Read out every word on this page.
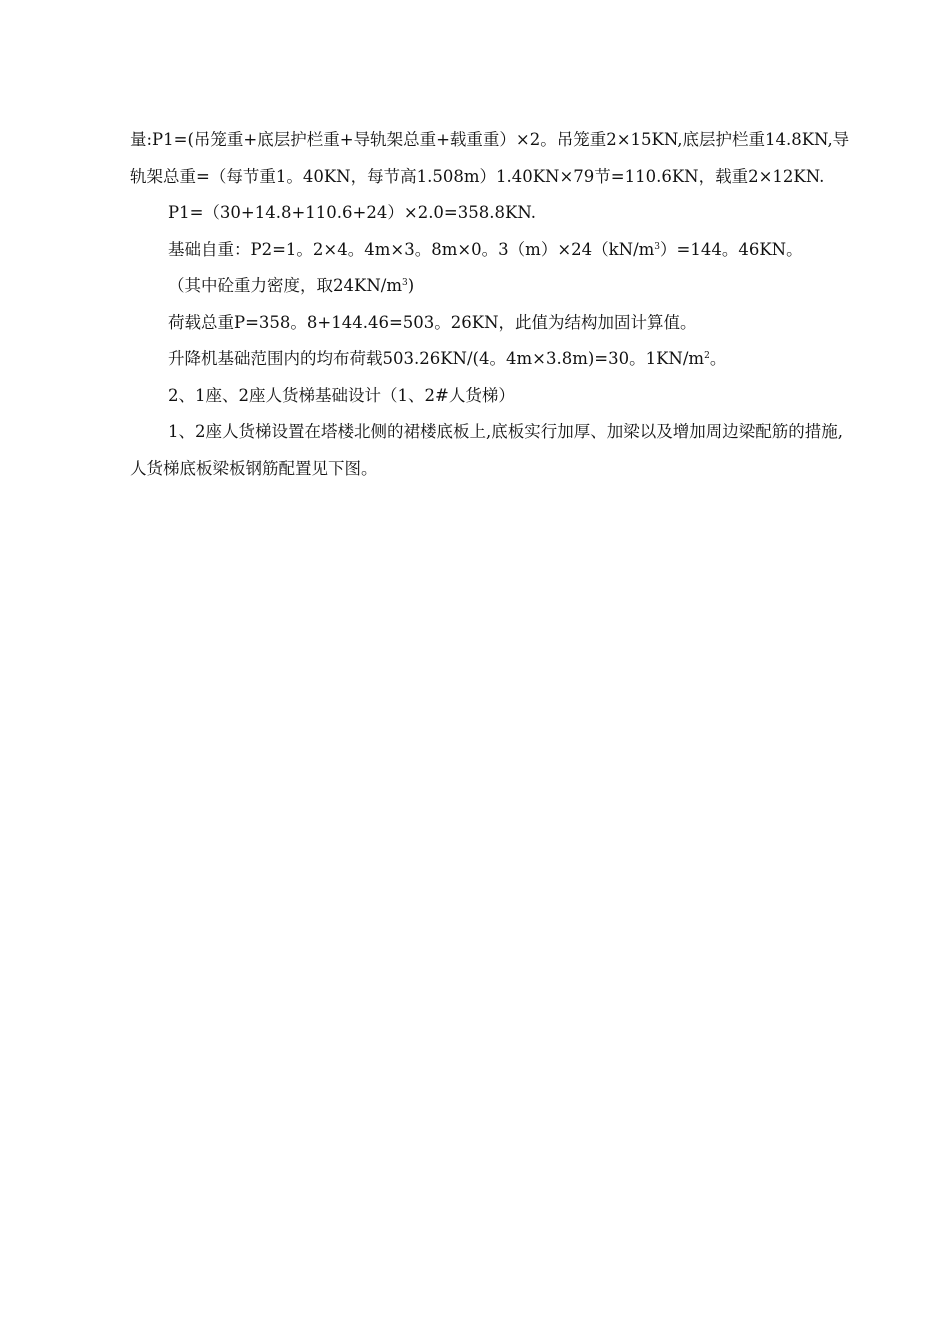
量:P1=(吊笼重+底层护栏重+导轨架总重+载重重）×2。吊笼重2×15KN,底层护栏重14.8KN,导轨架总重=（每节重1。40KN，每节高1.508m）1.40KN×79节=110.6KN，载重2×12KN.

P1=（30+14.8+110.6+24）×2.0=358.8KN.

基础自重：P2=1。2×4。4m×3。8m×0。$3(m)\times 24(kN/m^3)=144$。46KN。

（其中砼重力密度，取$24KN/m^3$)

荷载总重P=358。8+144.46=503。26KN，此值为结构加固计算值。

升降机基础范围内的均布荷载503.26KN/(4。4m×3.8m)=30。$1KN/m^2$。

2、1座、2座人货梯基础设计（1、2#人货梯）

1、2座人货梯设置在塔楼北侧的裙楼底板上,底板实行加厚、加梁以及增加周边梁配筋的措施,人货梯底板梁板钢筋配置见下图。
